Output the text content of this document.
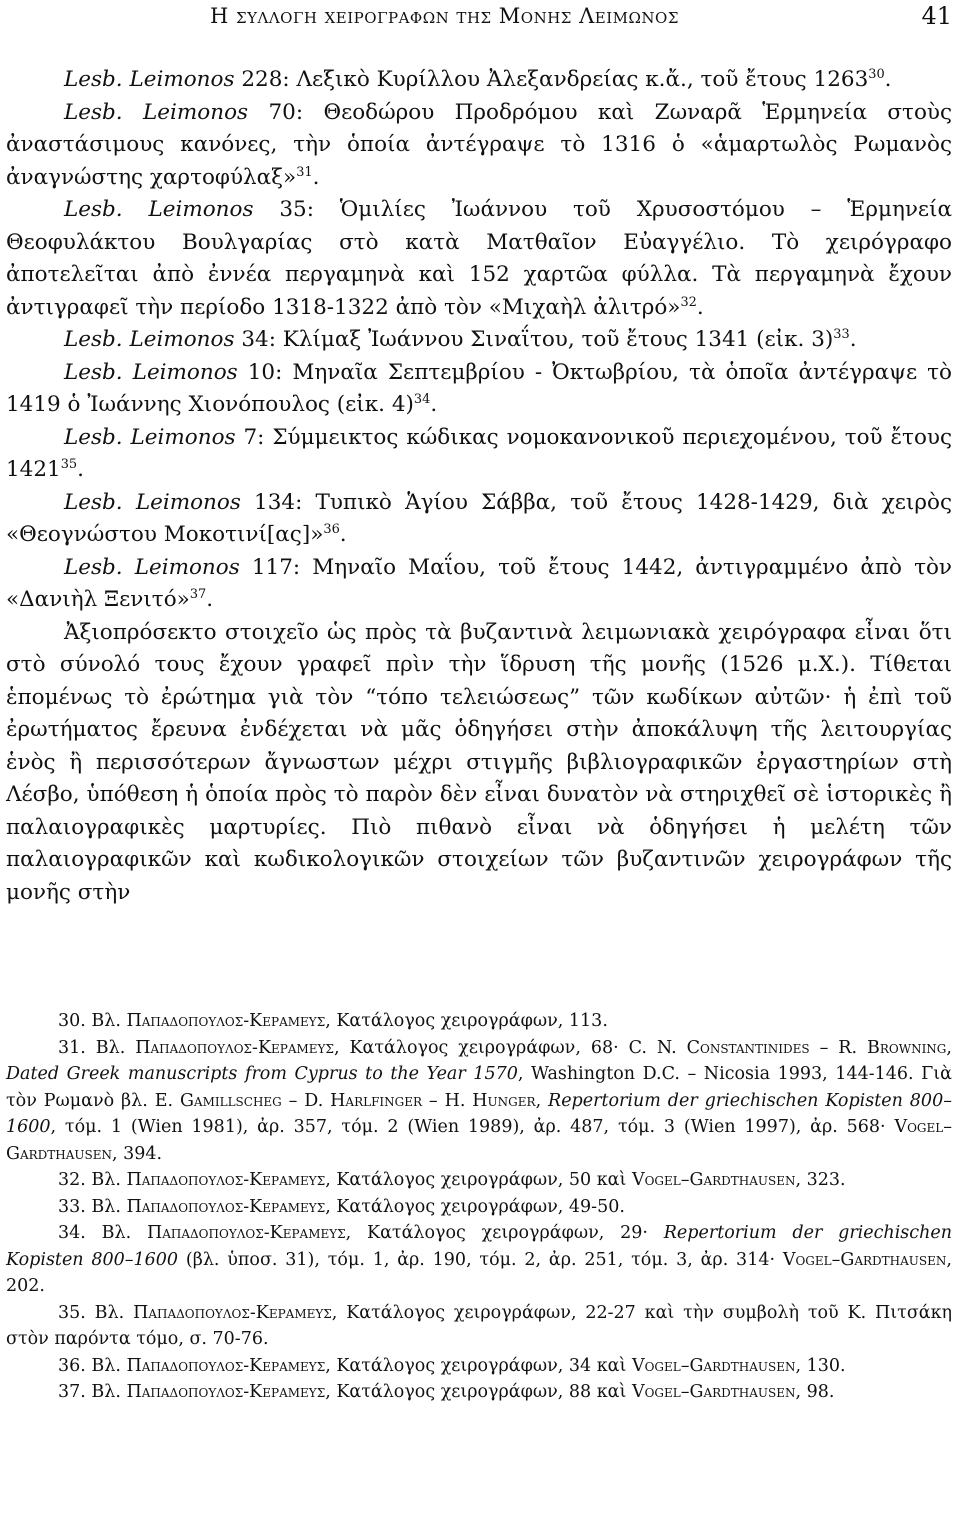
Η συλλογη χειρογραφων της Μονης Λειμωνος	41

Lesb. Leimonos 228: Λεξικὸ Κυρίλλου Ἀλεξανδρείας κ.ἄ., τοῦ ἔτους 1263$^{30}$.

Lesb. Leimonos 70: Θεοδώρου Προδρόμου καὶ Ζωναρᾶ Ἑρμηνεία στοὺς ἀναστάσιμους κανόνες, τὴν ὁποία ἀντέγραψε τὸ 1316 ὁ «ἁμαρτωλὸς Ρωμανὸς ἀναγνώστης χαρτοφύλαξ»$^{31}$.

Lesb. Leimonos 35: Ὁμιλίες Ἰωάννου τοῦ Χρυσοστόμου – Ἑρμηνεία Θεοφυλάκτου Βουλγαρίας στὸ κατὰ Ματθαῖον Εὐαγγέλιο. Τὸ χειρόγραφο ἀποτελεῖται ἀπὸ ἐννέα περγαμηνὰ καὶ 152 χαρτῶα φύλλα. Τὰ περγαμηνὰ ἔχουν ἀντιγραφεῖ τὴν περίοδο 1318-1322 ἀπὸ τὸν «Μιχαὴλ ἀλιτρό»$^{32}$.

Lesb. Leimonos 34: Κλίμαξ Ἰωάννου Σιναΐτου, τοῦ ἔτους 1341 (εἰκ. 3)$^{33}$.

Lesb. Leimonos 10: Μηναῖα Σεπτεμβρίου - Ὀκτωβρίου, τὰ ὁποῖα ἀντέγραψε τὸ 1419 ὁ Ἰωάννης Χιονόπουλος (εἰκ. 4)$^{34}$.

Lesb. Leimonos 7: Σύμμεικτος κώδικας νομοκανονικοῦ περιεχομένου, τοῦ ἔτους 1421$^{35}$.

Lesb. Leimonos 134: Τυπικὸ Ἁγίου Σάββα, τοῦ ἔτους 1428-1429, διὰ χειρὸς «Θεογνώστου Μοκοτινί[ας]»$^{36}$.

Lesb. Leimonos 117: Μηναῖο Μαΐου, τοῦ ἔτους 1442, ἀντιγραμμένο ἀπὸ τὸν «Δανιὴλ Ξενιτό»$^{37}$.

Ἀξιοπρόσεκτο στοιχεῖο ὡς πρὸς τὰ βυζαντινὰ λειμωνιακὰ χειρόγραφα εἶναι ὅτι στὸ σύνολό τους ἔχουν γραφεῖ πρὶν τὴν ἵδρυση τῆς μονῆς (1526 μ.Χ.). Τίθεται ἑπομένως τὸ ἐρώτημα γιὰ τὸν “τόπο τελειώσεως” τῶν κωδίκων αὐτῶν· ἡ ἐπὶ τοῦ ἐρωτήματος ἔρευνα ἐνδέχεται νὰ μᾶς ὁδηγήσει στὴν ἀποκάλυψη τῆς λειτουργίας ἑνὸς ἢ περισσότερων ἄγνωστων μέχρι στιγμῆς βιβλιογραφικῶν ἐργαστηρίων στὴ Λέσβο, ὑπόθεση ἡ ὁποία πρὸς τὸ παρὸν δὲν εἶναι δυνατὸν νὰ στηριχθεῖ σὲ ἱστορικὲς ἢ παλαιογραφικὲς μαρτυρίες. Πιὸ πιθανὸ εἶναι νὰ ὁδηγήσει ἡ μελέτη τῶν παλαιογραφικῶν καὶ κωδικολογικῶν στοιχείων τῶν βυζαντινῶν χειρογράφων τῆς μονῆς στὴν

30. Βλ. Παπαδοπουλος-Κεραμευς, Κατάλογος χειρογράφων, 113.

31. Βλ. Παπαδοπουλος-Κεραμευς, Κατάλογος χειρογράφων, 68· C. N. Constantinides – R. Browning, Dated Greek manuscripts from Cyprus to the Year 1570, Washington D.C. – Nicosia 1993, 144-146. Γιὰ τὸν Ρωμανὸ βλ. E. Gamillscheg – D. Harlfinger – H. Hunger, Repertorium der griechischen Kopisten 800–1600, τόμ. 1 (Wien 1981), ἀρ. 357, τόμ. 2 (Wien 1989), ἀρ. 487, τόμ. 3 (Wien 1997), ἀρ. 568· Vogel–Gardthausen, 394.

32. Βλ. Παπαδοπουλος-Κεραμευς, Κατάλογος χειρογράφων, 50 καὶ Vogel–Gardthausen, 323.

33. Βλ. Παπαδοπουλος-Κεραμευς, Κατάλογος χειρογράφων, 49-50.

34. Βλ. Παπαδοπουλος-Κεραμευς, Κατάλογος χειρογράφων, 29· Repertorium der griechischen Kopisten 800–1600 (βλ. ὑποσ. 31), τόμ. 1, ἀρ. 190, τόμ. 2, ἀρ. 251, τόμ. 3, ἀρ. 314· Vogel–Gardthausen, 202.

35. Βλ. Παπαδοπουλος-Κεραμευς, Κατάλογος χειρογράφων, 22-27 καὶ τὴν συμβολὴ τοῦ Κ. Πιτσάκη στὸν παρόντα τόμο, σ. 70-76.

36. Βλ. Παπαδοπουλος-Κεραμευς, Κατάλογος χειρογράφων, 34 καὶ Vogel–Gardthausen, 130.

37. Βλ. Παπαδοπουλος-Κεραμευς, Κατάλογος χειρογράφων, 88 καὶ Vogel–Gardthausen, 98.
